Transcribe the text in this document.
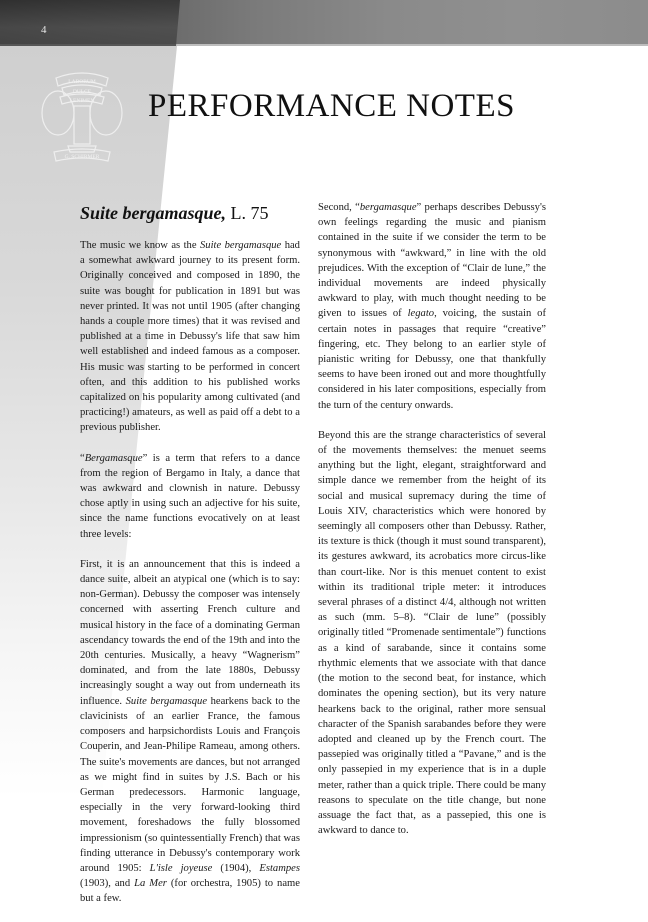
4
LABORUM
DULCE
LENIMEN
G. SCHIRMER
PERFORMANCE NOTES
Suite bergamasque, L. 75

The music we know as the Suite bergamasque had a somewhat awkward journey to its present form. Originally conceived and composed in 1890, the suite was bought for publication in 1891 but was never printed. It was not until 1905 (after changing hands a couple more times) that it was revised and published at a time in Debussy's life that saw him well established and indeed famous as a composer. His music was starting to be performed in concert often, and this addition to his published works capitalized on his popularity among cultivated (and practicing!) amateurs, as well as paid off a debt to a previous publisher.

“Bergamasque” is a term that refers to a dance from the region of Bergamo in Italy, a dance that was awkward and clownish in nature. Debussy chose aptly in using such an adjective for his suite, since the name functions evocatively on at least three levels:

First, it is an announcement that this is indeed a dance suite, albeit an atypical one (which is to say: non-German). Debussy the composer was intensely concerned with asserting French culture and musical history in the face of a dominating German ascendancy towards the end of the 19th and into the 20th centuries. Musically, a heavy “Wagnerism” dominated, and from the late 1880s, Debussy increasingly sought a way out from underneath its influence. Suite bergamasque hearkens back to the clavicinists of an earlier France, the famous composers and harpsichordists Louis and François Couperin, and Jean-Philipe Rameau, among others. The suite's movements are dances, but not arranged as we might find in suites by J.S. Bach or his German predecessors. Harmonic language, especially in the very forward-looking third movement, foreshadows the fully blossomed impressionism (so quintessentially French) that was finding utterance in Debussy's contemporary work around 1905: L'isle joyeuse (1904), Estampes (1903), and La Mer (for orchestra, 1905) to name but a few.

Second, “bergamasque” perhaps describes Debussy's own feelings regarding the music and pianism contained in the suite if we consider the term to be synonymous with “awkward,” in line with the old prejudices. With the exception of “Clair de lune,” the individual movements are indeed physically awkward to play, with much thought needing to be given to issues of legato, voicing, the sustain of certain notes in passages that require “creative” fingering, etc. They belong to an earlier style of pianistic writing for Debussy, one that thankfully seems to have been ironed out and more thoughtfully considered in his later compositions, especially from the turn of the century onwards.

Beyond this are the strange characteristics of several of the movements themselves: the menuet seems anything but the light, elegant, straightforward and simple dance we remember from the height of its social and musical supremacy during the time of Louis XIV, characteristics which were honored by seemingly all composers other than Debussy. Rather, its texture is thick (though it must sound transparent), its gestures awkward, its acrobatics more circus-like than court-like. Nor is this menuet content to exist within its traditional triple meter: it introduces several phrases of a distinct 4/4, although not written as such (mm. 5–8). “Clair de lune” (possibly originally titled “Promenade sentimentale”) functions as a kind of sarabande, since it contains some rhythmic elements that we associate with that dance (the motion to the second beat, for instance, which dominates the opening section), but its very nature hearkens back to the original, rather more sensual character of the Spanish sarabandes before they were adopted and cleaned up by the French court. The passepied was originally titled a “Pavane,” and is the only passepied in my experience that is in a duple meter, rather than a quick triple. There could be many reasons to speculate on the title change, but none assuage the fact that, as a passepied, this one is awkward to dance to.
